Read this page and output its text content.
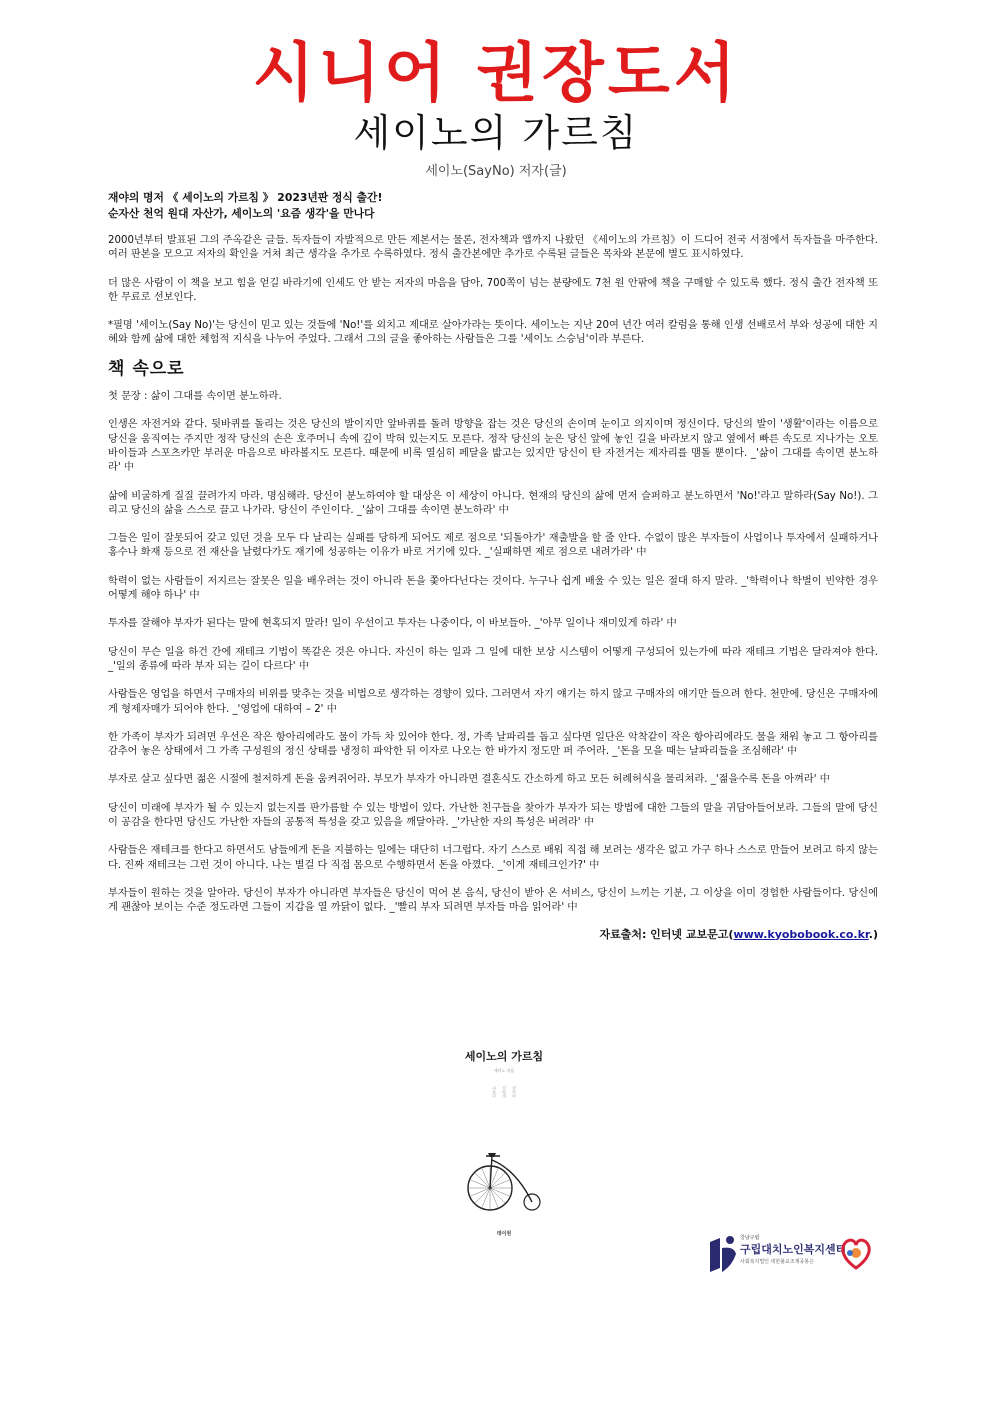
시니어 권장도서
세이노의 가르침
세이노(SayNo) 저자(글)
재야의 명저 《 세이노의 가르침 》 2023년판 정식 출간!
순자산 천억 원대 자산가, 세이노의 '요즘 생각'을 만나다

2000년부터 발표된 그의 주옥같은 글들. 독자들이 자발적으로 만든 제본서는 물론, 전자책과 앱까지 나왔던 《세이노의 가르침》이 드디어 전국 서점에서 독자들을 마주한다. 여러 판본을 모으고 저자의 확인을 거쳐 최근 생각을 추가로 수록하였다. 정식 출간본에만 추가로 수록된 글들은 목차와 본문에 별도 표시하였다.

더 많은 사람이 이 책을 보고 힘을 얻길 바라기에 인세도 안 받는 저자의 마음을 담아, 700쪽이 넘는 분량에도 7천 원 안팎에 책을 구매할 수 있도록 했다. 정식 출간 전자책 또한 무료로 선보인다.

*필명 '세이노(Say No)'는 당신이 믿고 있는 것들에 'No!'를 외치고 제대로 살아가라는 뜻이다. 세이노는 지난 20여 년간 여러 칼럼을 통해 인생 선배로서 부와 성공에 대한 지혜와 함께 삶에 대한 체험적 지식을 나누어 주었다. 그래서 그의 글을 좋아하는 사람들은 그를 '세이노 스승님'이라 부른다.

책 속으로

첫 문장 : 삶이 그대를 속이면 분노하라.

인생은 자전거와 같다. 뒷바퀴를 돌리는 것은 당신의 발이지만 앞바퀴를 돌려 방향을 잡는 것은 당신의 손이며 눈이고 의지이며 정신이다. 당신의 발이 '생활'이라는 이름으로 당신을 움직여는 주지만 정작 당신의 손은 호주머니 속에 깊이 박혀 있는지도 모른다. 정작 당신의 눈은 당신 앞에 놓인 길을 바라보지 않고 옆에서 빠른 속도로 지나가는 오토바이들과 스포츠카만 부러운 마음으로 바라볼지도 모른다. 때문에 비록 열심히 페달을 밟고는 있지만 당신이 탄 자전거는 제자리를 맴돌 뿐이다. _'삶이 그대를 속이면 분노하라' 中

삶에 비굴하게 질질 끌려가지 마라. 명심해라. 당신이 분노하여야 할 대상은 이 세상이 아니다. 현재의 당신의 삶에 먼저 슬퍼하고 분노하면서 'No!'라고 말하라(Say No!). 그리고 당신의 삶을 스스로 끌고 나가라. 당신이 주인이다. _'삶이 그대를 속이면 분노하라' 中

그들은 일이 잘못되어 갖고 있던 것을 모두 다 날리는 실패를 당하게 되어도 제로 점으로 '되돌아가' 재출발을 할 줄 안다. 수없이 많은 부자들이 사업이나 투자에서 실패하거나 홍수나 화재 등으로 전 재산을 날렸다가도 재기에 성공하는 이유가 바로 거기에 있다. _'실패하면 제로 점으로 내려가라' 中

학력이 없는 사람들이 저지르는 잘못은 일을 배우려는 것이 아니라 돈을 쫓아다닌다는 것이다. 누구나 쉽게 배울 수 있는 일은 절대 하지 말라. _'학력이나 학벌이 빈약한 경우 어떻게 해야 하나' 中

투자를 잘해야 부자가 된다는 말에 현혹되지 말라! 일이 우선이고 투자는 나중이다, 이 바보들아. _'아무 일이나 재미있게 하라' 中

당신이 무슨 일을 하건 간에 재테크 기법이 똑같은 것은 아니다. 자신이 하는 일과 그 일에 대한 보상 시스템이 어떻게 구성되어 있는가에 따라 재테크 기법은 달라져야 한다. _'일의 종류에 따라 부자 되는 길이 다르다' 中

사람들은 영업을 하면서 구매자의 비위를 맞추는 것을 비법으로 생각하는 경향이 있다. 그러면서 자기 얘기는 하지 않고 구매자의 얘기만 들으려 한다. 천만에. 당신은 구매자에게 형제자매가 되어야 한다. _'영업에 대하여 – 2' 中

한 가족이 부자가 되려면 우선은 작은 항아리에라도 물이 가득 차 있어야 한다. 정, 가족 날파리를 돕고 싶다면 일단은 악착같이 작은 항아리에라도 물을 채워 놓고 그 항아리를 감추어 놓은 상태에서 그 가족 구성원의 정신 상태를 냉정히 파악한 뒤 이자로 나오는 한 바가지 정도만 퍼 주어라. _'돈을 모을 때는 날파리들을 조심해라' 中

부자로 살고 싶다면 젊은 시절에 철저하게 돈을 움켜쥐어라. 부모가 부자가 아니라면 결혼식도 간소하게 하고 모든 허례허식을 물리쳐라. _'젊을수록 돈을 아껴라' 中

당신이 미래에 부자가 될 수 있는지 없는지를 판가름할 수 있는 방법이 있다. 가난한 친구들을 찾아가 부자가 되는 방법에 대한 그들의 말을 귀담아들어보라. 그들의 말에 당신이 공감을 한다면 당신도 가난한 자들의 공통적 특성을 갖고 있음을 깨달아라. _'가난한 자의 특성은 버려라' 中

사람들은 재테크를 한다고 하면서도 남들에게 돈을 지불하는 일에는 대단히 너그럽다. 자기 스스로 배워 직접 해 보려는 생각은 없고 가구 하나 스스로 만들어 보려고 하지 않는다. 진짜 재테크는 그런 것이 아니다. 나는 별걸 다 직접 몸으로 수행하면서 돈을 아꼈다. _'이게 재테크인가?' 中

부자들이 원하는 것을 알아라. 당신이 부자가 아니라면 부자들은 당신이 먹어 본 음식, 당신이 받아 온 서비스, 당신이 느끼는 기분, 그 이상을 이미 경험한 사람들이다. 당신에게 괜찮아 보이는 수준 정도라면 그들이 지갑을 열 까닭이 없다. _'빨리 부자 되려면 부자들 마음 읽어라' 中

자료출처: 인터넷 교보문고(www.kyobobook.co.kr.)
세이노의 가르침
세이노 지음
피보다 진하게 살아라
데이원
강남구립
구립대치노인복지센터
사회복지법인 대한불교조계종봉은
